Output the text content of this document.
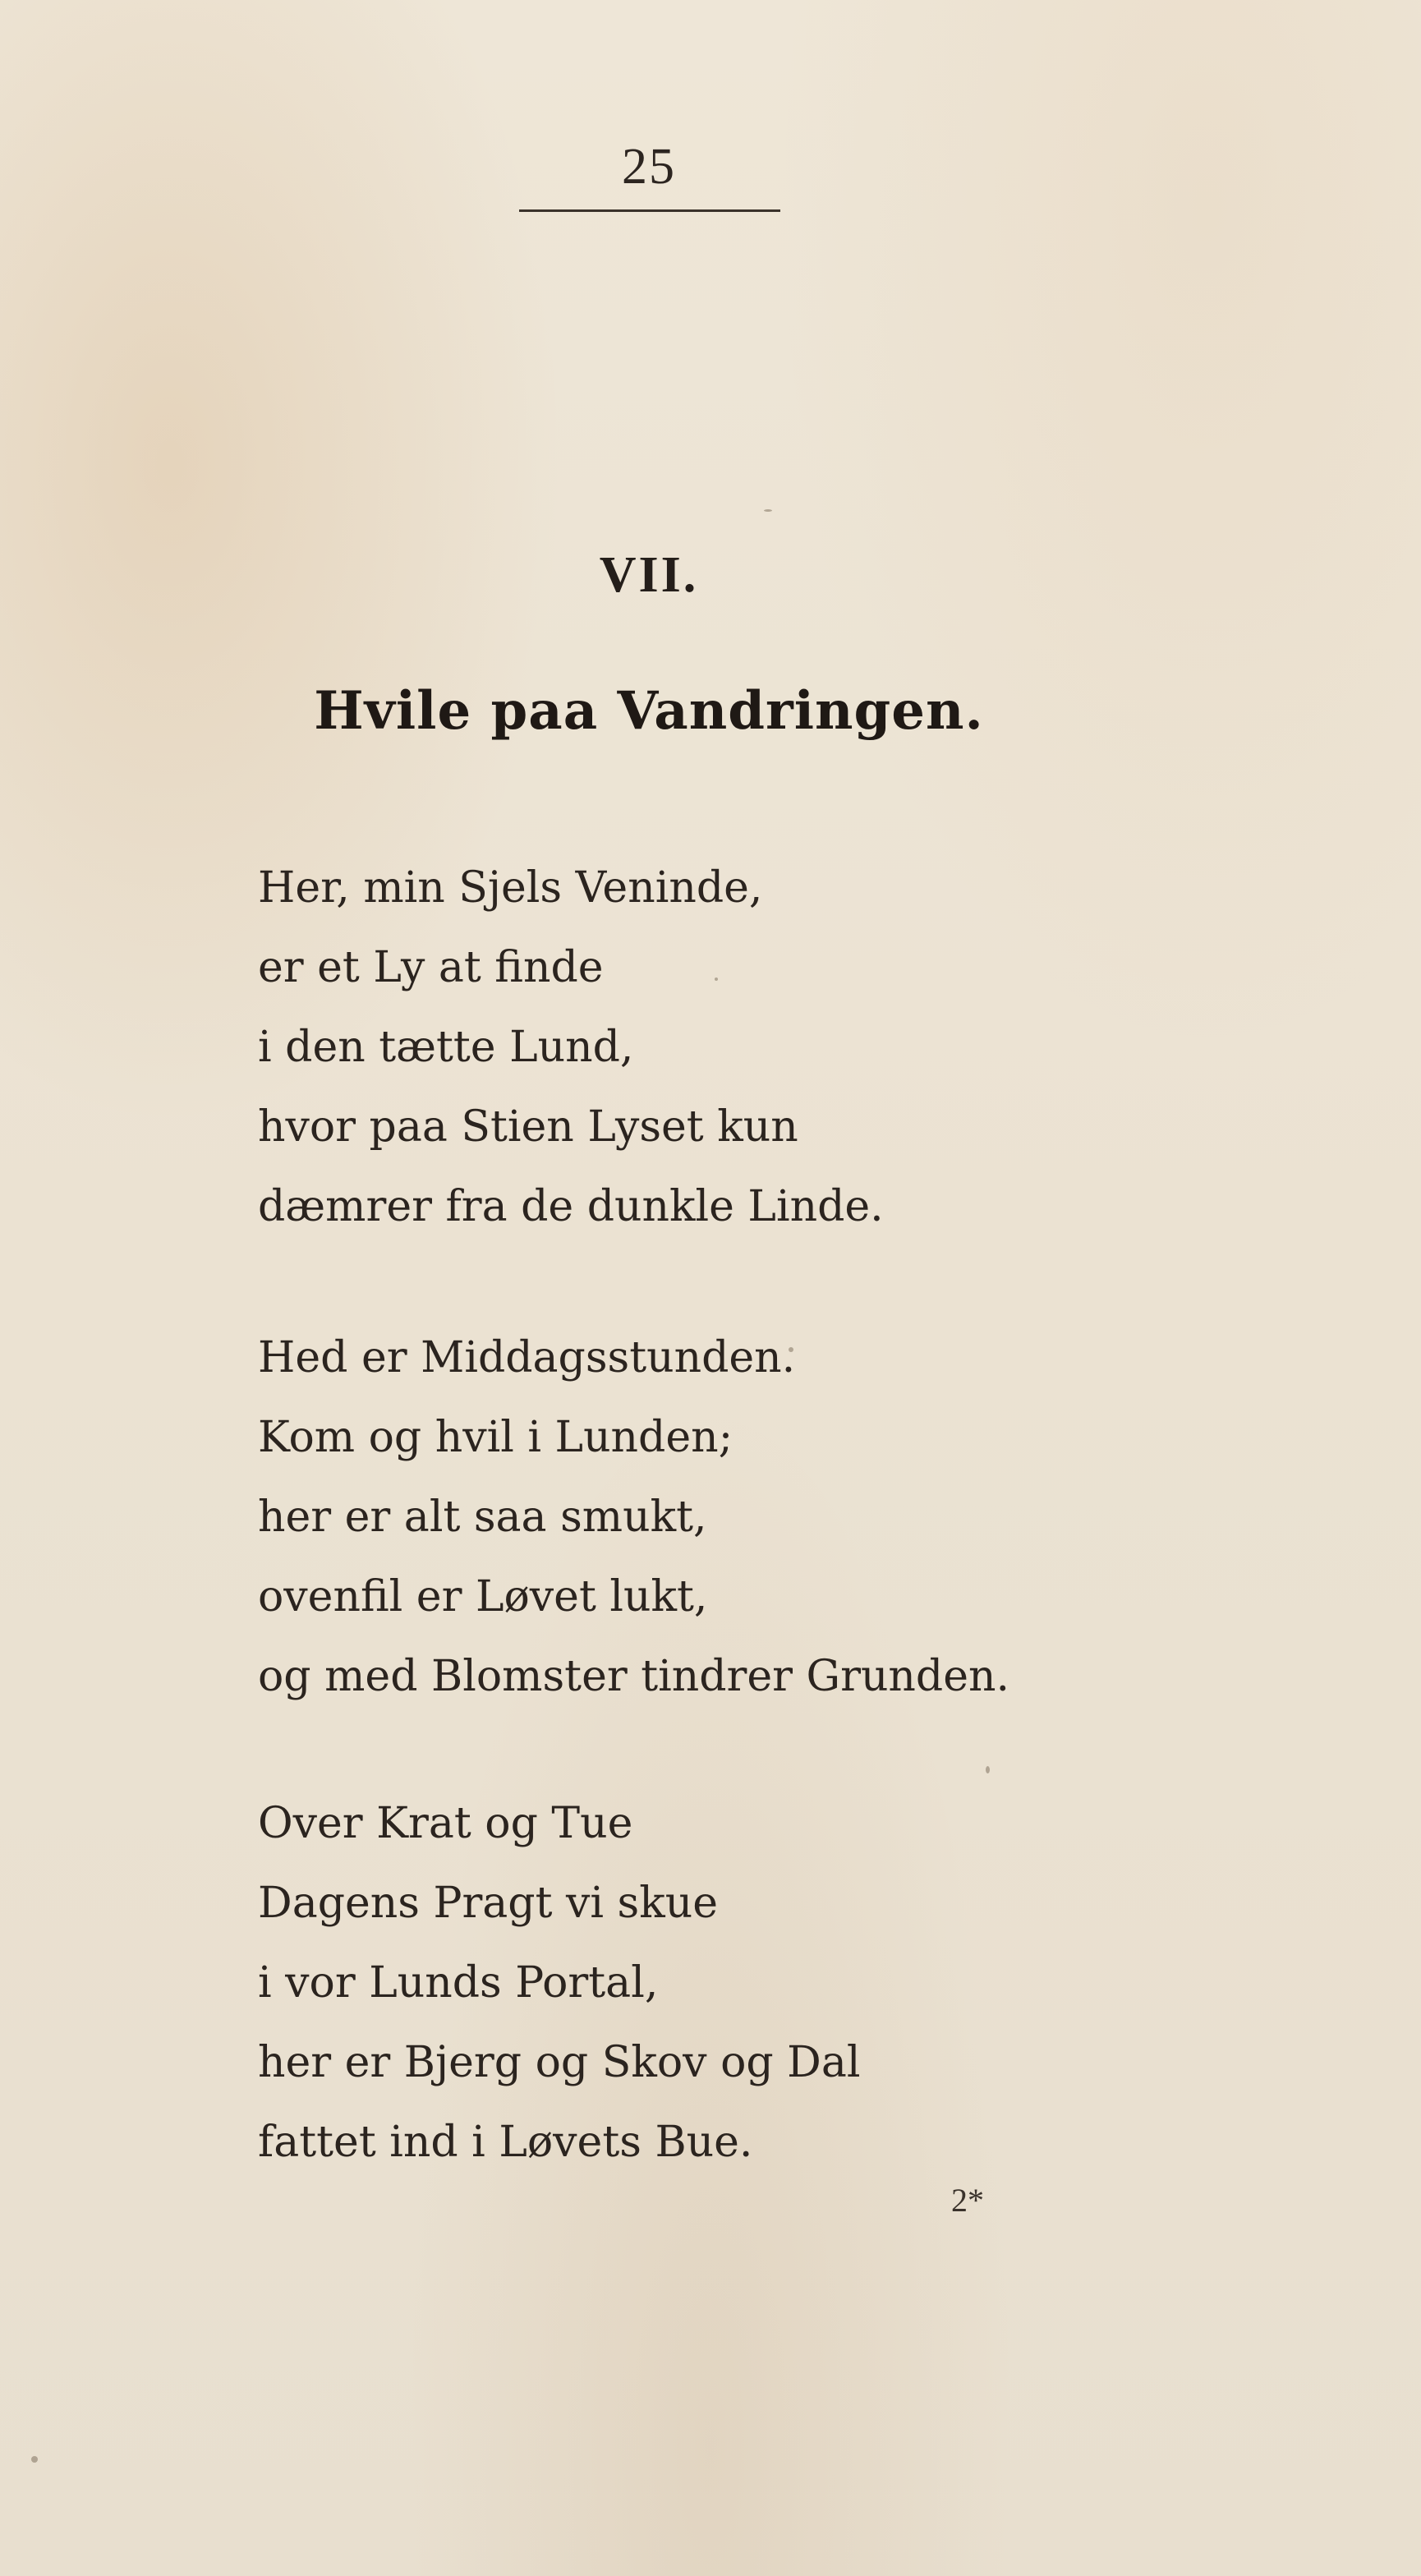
25
VII.
Hvile paa Vandringen.
Her, min Sjels Veninde,
er et Ly at finde
i den tætte Lund,
hvor paa Stien Lyset kun
dæmrer fra de dunkle Linde.
Hed er Middagsstunden.
Kom og hvil i Lunden;
her er alt saa smukt,
ovenfil er Løvet lukt,
og med Blomster tindrer Grunden.
Over Krat og Tue
Dagens Pragt vi skue
i vor Lunds Portal,
her er Bjerg og Skov og Dal
fattet ind i Løvets Bue.
2*
